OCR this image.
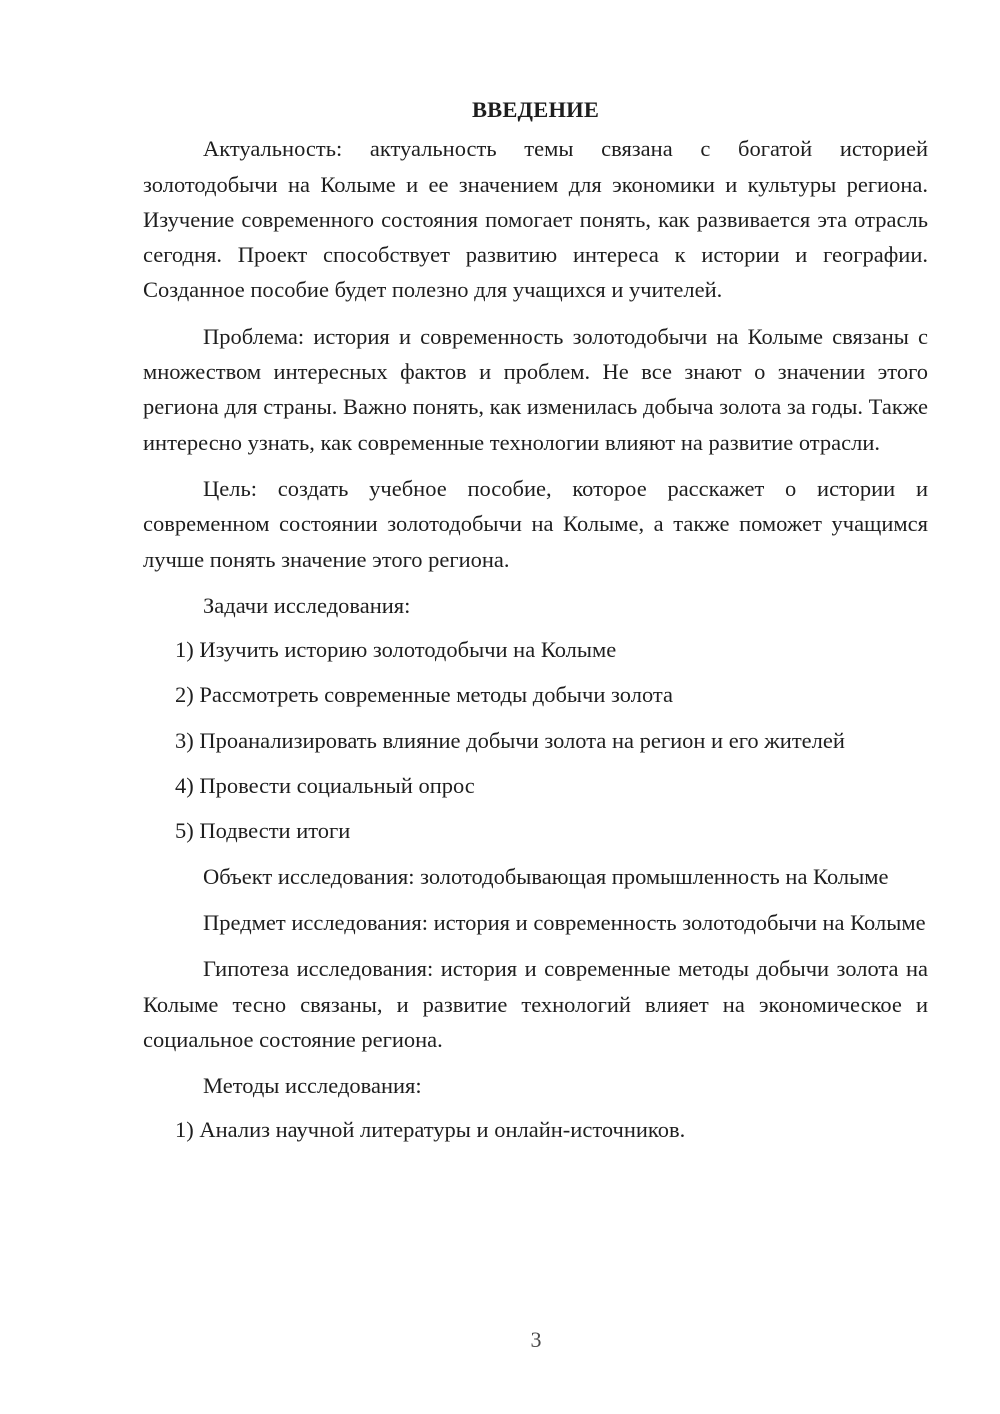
ВВЕДЕНИЕ

Актуальность: актуальность темы связана с богатой историей золотодобычи на Колыме и ее значением для экономики и культуры региона. Изучение современного состояния помогает понять, как развивается эта отрасль сегодня. Проект способствует развитию интереса к истории и географии. Созданное пособие будет полезно для учащихся и учителей.

Проблема: история и современность золотодобычи на Колыме связаны с множеством интересных фактов и проблем. Не все знают о значении этого региона для страны. Важно понять, как изменилась добыча золота за годы. Также интересно узнать, как современные технологии влияют на развитие отрасли.

Цель: создать учебное пособие, которое расскажет о истории и современном состоянии золотодобычи на Колыме, а также поможет учащимся лучше понять значение этого региона.

Задачи исследования:

1) Изучить историю золотодобычи на Колыме
2) Рассмотреть современные методы добычи золота
3) Проанализировать влияние добычи золота на регион и его жителей
4) Провести социальный опрос
5) Подвести итоги

Объект исследования: золотодобывающая промышленность на Колыме

Предмет исследования: история и современность золотодобычи на Колыме

Гипотеза исследования: история и современные методы добычи золота на Колыме тесно связаны, и развитие технологий влияет на экономическое и социальное состояние региона.

Методы исследования:

1) Анализ научной литературы и онлайн-источников.
3
